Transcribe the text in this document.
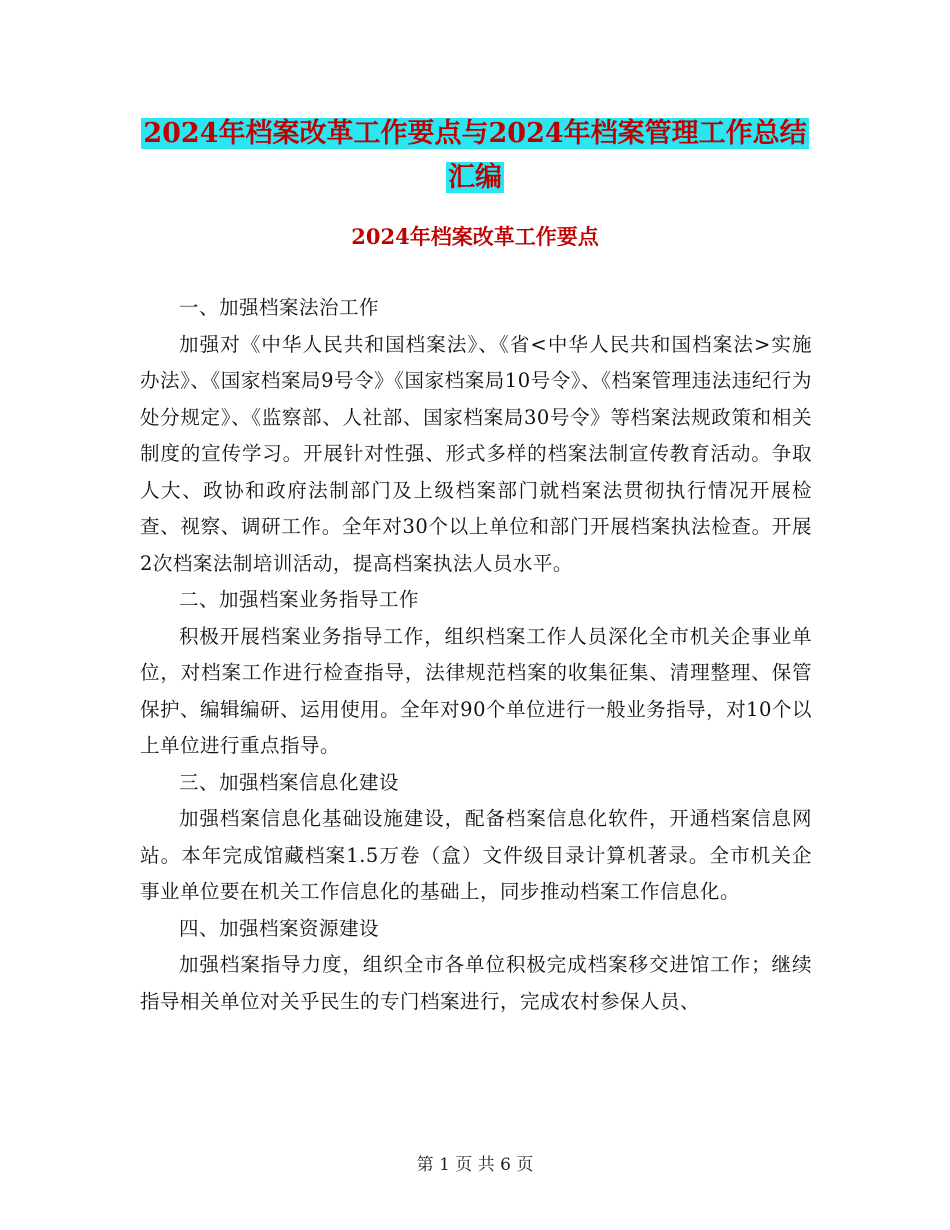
2024年档案改革工作要点与2024年档案管理工作总结
汇编
2024年档案改革工作要点

一、加强档案法治工作

加强对《中华人民共和国档案法》、《省<中华人民共和国档案法>实施办法》、《国家档案局9号令》《国家档案局10号令》、《档案管理违法违纪行为处分规定》、《监察部、人社部、国家档案局30号令》等档案法规政策和相关制度的宣传学习。开展针对性强、形式多样的档案法制宣传教育活动。争取人大、政协和政府法制部门及上级档案部门就档案法贯彻执行情况开展检查、视察、调研工作。全年对30个以上单位和部门开展档案执法检查。开展2次档案法制培训活动，提高档案执法人员水平。

二、加强档案业务指导工作

积极开展档案业务指导工作，组织档案工作人员深化全市机关企事业单位，对档案工作进行检查指导，法律规范档案的收集征集、清理整理、保管保护、编辑编研、运用使用。全年对90个单位进行一般业务指导，对10个以上单位进行重点指导。

三、加强档案信息化建设

加强档案信息化基础设施建设，配备档案信息化软件，开通档案信息网站。本年完成馆藏档案1.5万卷（盒）文件级目录计算机著录。全市机关企事业单位要在机关工作信息化的基础上，同步推动档案工作信息化。

四、加强档案资源建设

加强档案指导力度，组织全市各单位积极完成档案移交进馆工作；继续指导相关单位对关乎民生的专门档案进行，完成农村参保人员、

第 1 页 共 6 页
